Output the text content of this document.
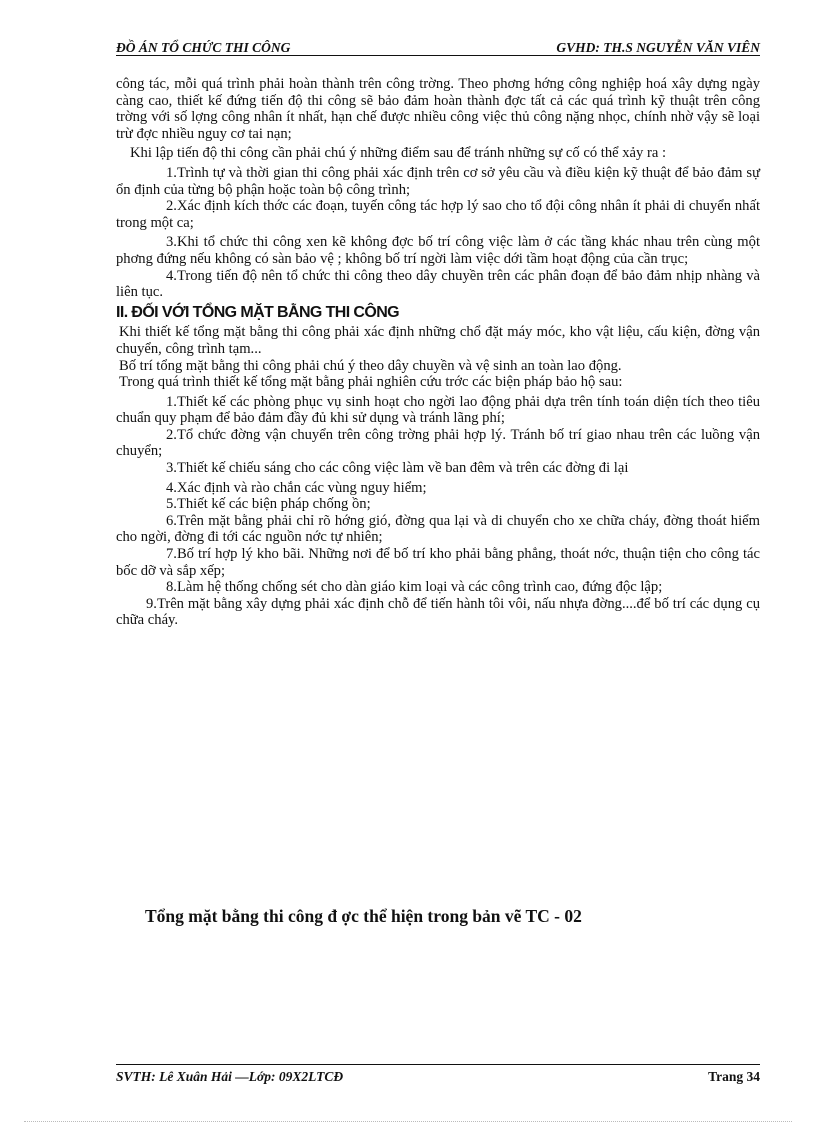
ĐỒ ÁN TỔ CHỨC THI CÔNG	GVHD: TH.S NGUYỄN VĂN VIÊN

công tác, mỗi quá trình phải hoàn thành trên công trờng. Theo phơng hớng công nghiệp hoá xây dựng ngày càng cao, thiết kế đứng tiến độ thi công sẽ bảo đảm hoàn thành đợc tất cả các quá trình kỹ thuật trên công trờng với số lợng công nhân ít nhất, hạn chế được nhiều công việc thủ công nặng nhọc, chính nhờ vậy sẽ loại trừ đợc nhiều nguy cơ tai nạn;

Khi lập tiến độ thi công cần phải chú ý những điểm sau để tránh những sự cố có thể xảy ra :

1.Trình tự và thời gian thi công phải xác định trên cơ sở yêu cầu và điều kiện kỹ thuật để bảo đảm sự ổn định của từng bộ phận hoặc toàn bộ công trình;

2.Xác định kích thớc các đoạn, tuyến công tác hợp lý sao cho tổ đội công nhân ít phải di chuyển nhất trong một ca;

3.Khi tổ chức thi công xen kẽ không đợc bố trí công việc làm ở các tầng khác nhau trên cùng một phơng đứng nếu không có sàn bảo vệ ; không bố trí ngời làm việc dới tầm hoạt động của cần trục;

4.Trong tiến độ nên tổ chức thi công theo dây chuyền trên các phân đoạn để bảo đảm nhịp nhàng và liên tục.

II. ĐỐI VỚI TỔNG MẶT BẰNG THI CÔNG

Khi thiết kế tổng mặt bằng thi công phải xác định những chổ đặt máy móc, kho vật liệu, cấu kiện, đờng vận chuyển, công trình tạm...

Bố trí tổng mặt bằng thi công phải chú ý theo dây chuyền và vệ sinh an toàn lao động.

Trong quá trình thiết kế tổng mặt bằng phải nghiên cứu trớc các biện pháp bảo hộ sau:

1.Thiết kế các phòng phục vụ sinh hoạt cho ngời lao động phải dựa trên tính toán diện tích theo tiêu chuẩn quy phạm để bảo đảm đầy đủ khi sử dụng và tránh lãng phí;

2.Tổ chức đờng vận chuyển trên công trờng phải hợp lý. Tránh bố trí giao nhau trên các luồng vận chuyển;

3.Thiết kế chiếu sáng cho các công việc làm về ban đêm và trên các đờng đi lại

4.Xác định và rào chắn các vùng nguy hiểm;

5.Thiết kế các biện pháp chống ồn;

6.Trên mặt bằng phải chỉ rõ hớng gió, đờng qua lại và di chuyển cho xe chữa cháy, đờng thoát hiểm cho ngời, đờng đi tới các nguồn nớc tự nhiên;

7.Bố trí hợp lý kho bãi. Những nơi để bố trí kho phải bằng phẳng, thoát nớc, thuận tiện cho công tác bốc dỡ và sắp xếp;

8.Làm hệ thống chống sét cho dàn giáo kim loại và các công trình cao, đứng độc lập;

9.Trên mặt bằng xây dựng phải xác định chỗ để tiến hành tôi vôi, nấu nhựa đờng....để bố trí các dụng cụ chữa cháy.

Tổng mặt bằng thi công đ ợc thể hiện trong bản vẽ TC - 02
SVTH: Lê Xuân Hải —Lớp: 09X2LTCĐ	Trang 34
